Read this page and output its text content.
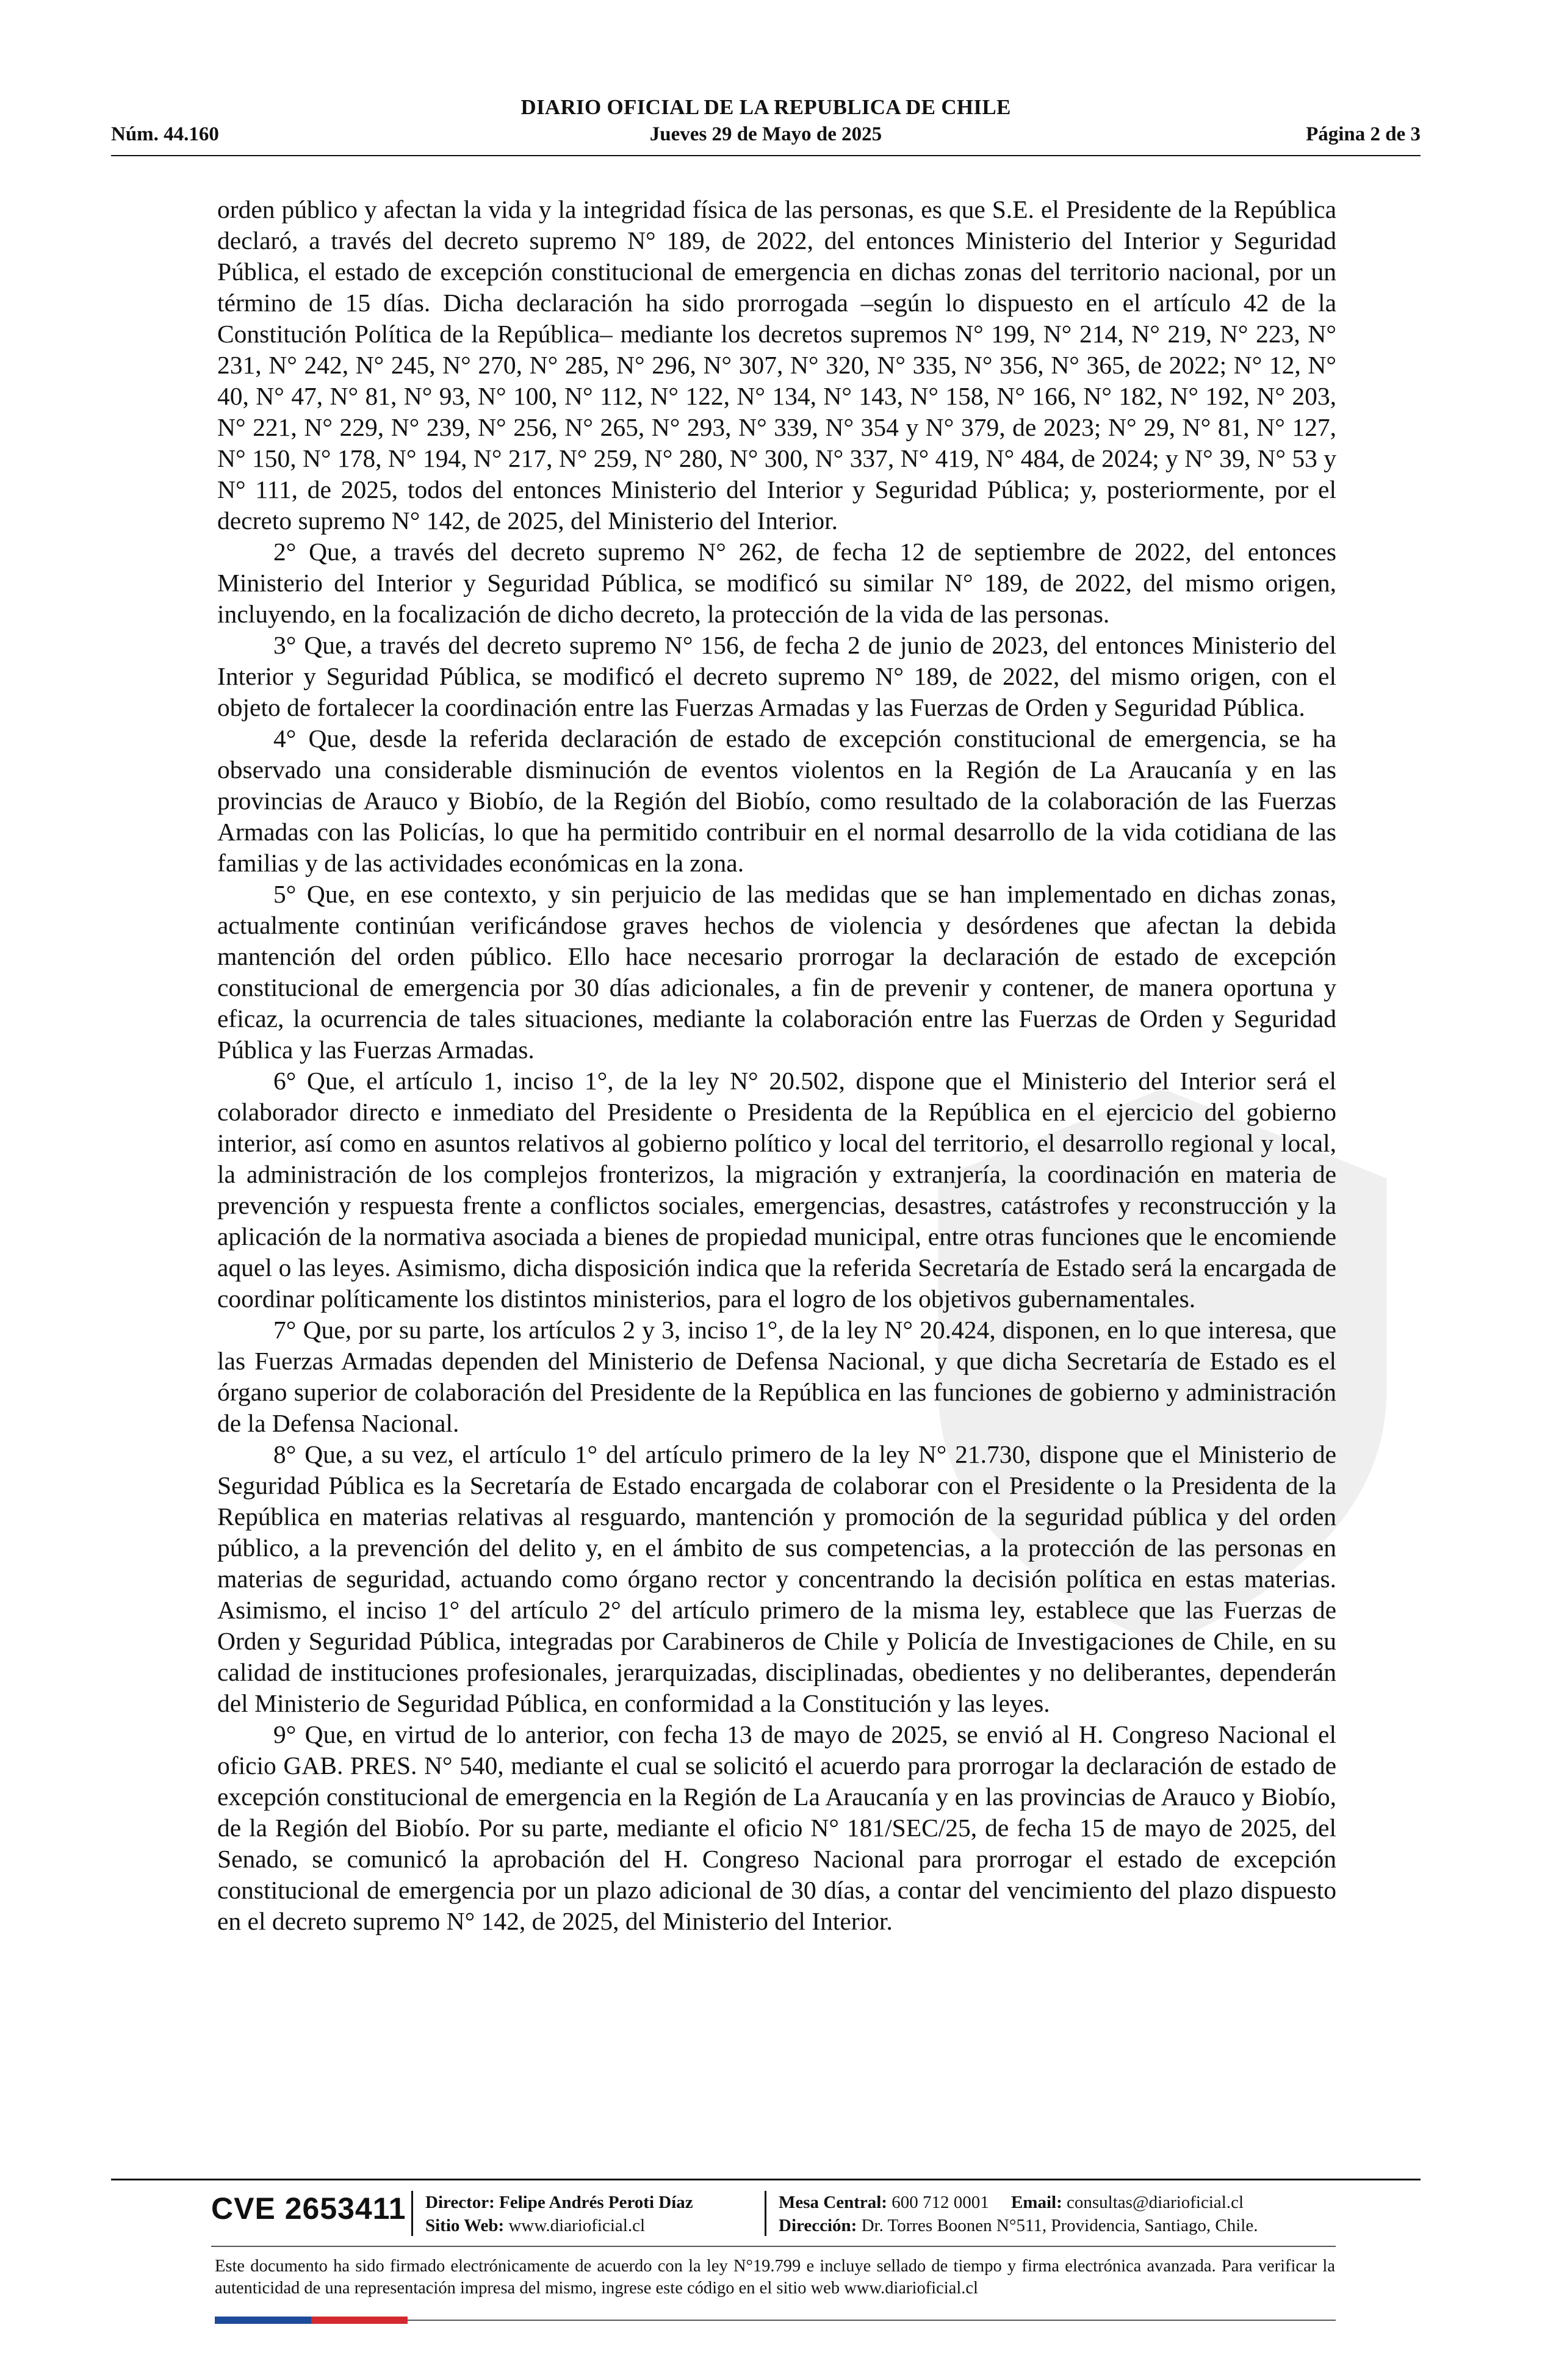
DIARIO OFICIAL DE LA REPUBLICA DE CHILE
Núm. 44.160	Jueves 29 de Mayo de 2025	Página 2 de 3

orden público y afectan la vida y la integridad física de las personas, es que S.E. el Presidente de la República declaró, a través del decreto supremo N° 189, de 2022, del entonces Ministerio del Interior y Seguridad Pública, el estado de excepción constitucional de emergencia en dichas zonas del territorio nacional, por un término de 15 días. Dicha declaración ha sido prorrogada –según lo dispuesto en el artículo 42 de la Constitución Política de la República– mediante los decretos supremos N° 199, N° 214, N° 219, N° 223, N° 231, N° 242, N° 245, N° 270, N° 285, N° 296, N° 307, N° 320, N° 335, N° 356, N° 365, de 2022; N° 12, N° 40, N° 47, N° 81, N° 93, N° 100, N° 112, N° 122, N° 134, N° 143, N° 158, N° 166, N° 182, N° 192, N° 203, N° 221, N° 229, N° 239, N° 256, N° 265, N° 293, N° 339, N° 354 y N° 379, de 2023; N° 29, N° 81, N° 127, N° 150, N° 178, N° 194, N° 217, N° 259, N° 280, N° 300, N° 337, N° 419, N° 484, de 2024; y N° 39, N° 53 y N° 111, de 2025, todos del entonces Ministerio del Interior y Seguridad Pública; y, posteriormente, por el decreto supremo N° 142, de 2025, del Ministerio del Interior.

2° Que, a través del decreto supremo N° 262, de fecha 12 de septiembre de 2022, del entonces Ministerio del Interior y Seguridad Pública, se modificó su similar N° 189, de 2022, del mismo origen, incluyendo, en la focalización de dicho decreto, la protección de la vida de las personas.

3° Que, a través del decreto supremo N° 156, de fecha 2 de junio de 2023, del entonces Ministerio del Interior y Seguridad Pública, se modificó el decreto supremo N° 189, de 2022, del mismo origen, con el objeto de fortalecer la coordinación entre las Fuerzas Armadas y las Fuerzas de Orden y Seguridad Pública.

4° Que, desde la referida declaración de estado de excepción constitucional de emergencia, se ha observado una considerable disminución de eventos violentos en la Región de La Araucanía y en las provincias de Arauco y Biobío, de la Región del Biobío, como resultado de la colaboración de las Fuerzas Armadas con las Policías, lo que ha permitido contribuir en el normal desarrollo de la vida cotidiana de las familias y de las actividades económicas en la zona.

5° Que, en ese contexto, y sin perjuicio de las medidas que se han implementado en dichas zonas, actualmente continúan verificándose graves hechos de violencia y desórdenes que afectan la debida mantención del orden público. Ello hace necesario prorrogar la declaración de estado de excepción constitucional de emergencia por 30 días adicionales, a fin de prevenir y contener, de manera oportuna y eficaz, la ocurrencia de tales situaciones, mediante la colaboración entre las Fuerzas de Orden y Seguridad Pública y las Fuerzas Armadas.

6° Que, el artículo 1, inciso 1°, de la ley N° 20.502, dispone que el Ministerio del Interior será el colaborador directo e inmediato del Presidente o Presidenta de la República en el ejercicio del gobierno interior, así como en asuntos relativos al gobierno político y local del territorio, el desarrollo regional y local, la administración de los complejos fronterizos, la migración y extranjería, la coordinación en materia de prevención y respuesta frente a conflictos sociales, emergencias, desastres, catástrofes y reconstrucción y la aplicación de la normativa asociada a bienes de propiedad municipal, entre otras funciones que le encomiende aquel o las leyes. Asimismo, dicha disposición indica que la referida Secretaría de Estado será la encargada de coordinar políticamente los distintos ministerios, para el logro de los objetivos gubernamentales.

7° Que, por su parte, los artículos 2 y 3, inciso 1°, de la ley N° 20.424, disponen, en lo que interesa, que las Fuerzas Armadas dependen del Ministerio de Defensa Nacional, y que dicha Secretaría de Estado es el órgano superior de colaboración del Presidente de la República en las funciones de gobierno y administración de la Defensa Nacional.

8° Que, a su vez, el artículo 1° del artículo primero de la ley N° 21.730, dispone que el Ministerio de Seguridad Pública es la Secretaría de Estado encargada de colaborar con el Presidente o la Presidenta de la República en materias relativas al resguardo, mantención y promoción de la seguridad pública y del orden público, a la prevención del delito y, en el ámbito de sus competencias, a la protección de las personas en materias de seguridad, actuando como órgano rector y concentrando la decisión política en estas materias. Asimismo, el inciso 1° del artículo 2° del artículo primero de la misma ley, establece que las Fuerzas de Orden y Seguridad Pública, integradas por Carabineros de Chile y Policía de Investigaciones de Chile, en su calidad de instituciones profesionales, jerarquizadas, disciplinadas, obedientes y no deliberantes, dependerán del Ministerio de Seguridad Pública, en conformidad a la Constitución y las leyes.

9° Que, en virtud de lo anterior, con fecha 13 de mayo de 2025, se envió al H. Congreso Nacional el oficio GAB. PRES. N° 540, mediante el cual se solicitó el acuerdo para prorrogar la declaración de estado de excepción constitucional de emergencia en la Región de La Araucanía y en las provincias de Arauco y Biobío, de la Región del Biobío. Por su parte, mediante el oficio N° 181/SEC/25, de fecha 15 de mayo de 2025, del Senado, se comunicó la aprobación del H. Congreso Nacional para prorrogar el estado de excepción constitucional de emergencia por un plazo adicional de 30 días, a contar del vencimiento del plazo dispuesto en el decreto supremo N° 142, de 2025, del Ministerio del Interior.

CVE 2653411 Director: Felipe Andrés Peroti Díaz
Sitio Web: www.diarioficial.cl
Mesa Central: 600 712 0001 Email: consultas@diarioficial.cl
Dirección: Dr. Torres Boonen N°511, Providencia, Santiago, Chile.
Este documento ha sido firmado electrónicamente de acuerdo con la ley N°19.799 e incluye sellado de tiempo y firma electrónica avanzada. Para verificar la autenticidad de una representación impresa del mismo, ingrese este código en el sitio web www.diarioficial.cl
